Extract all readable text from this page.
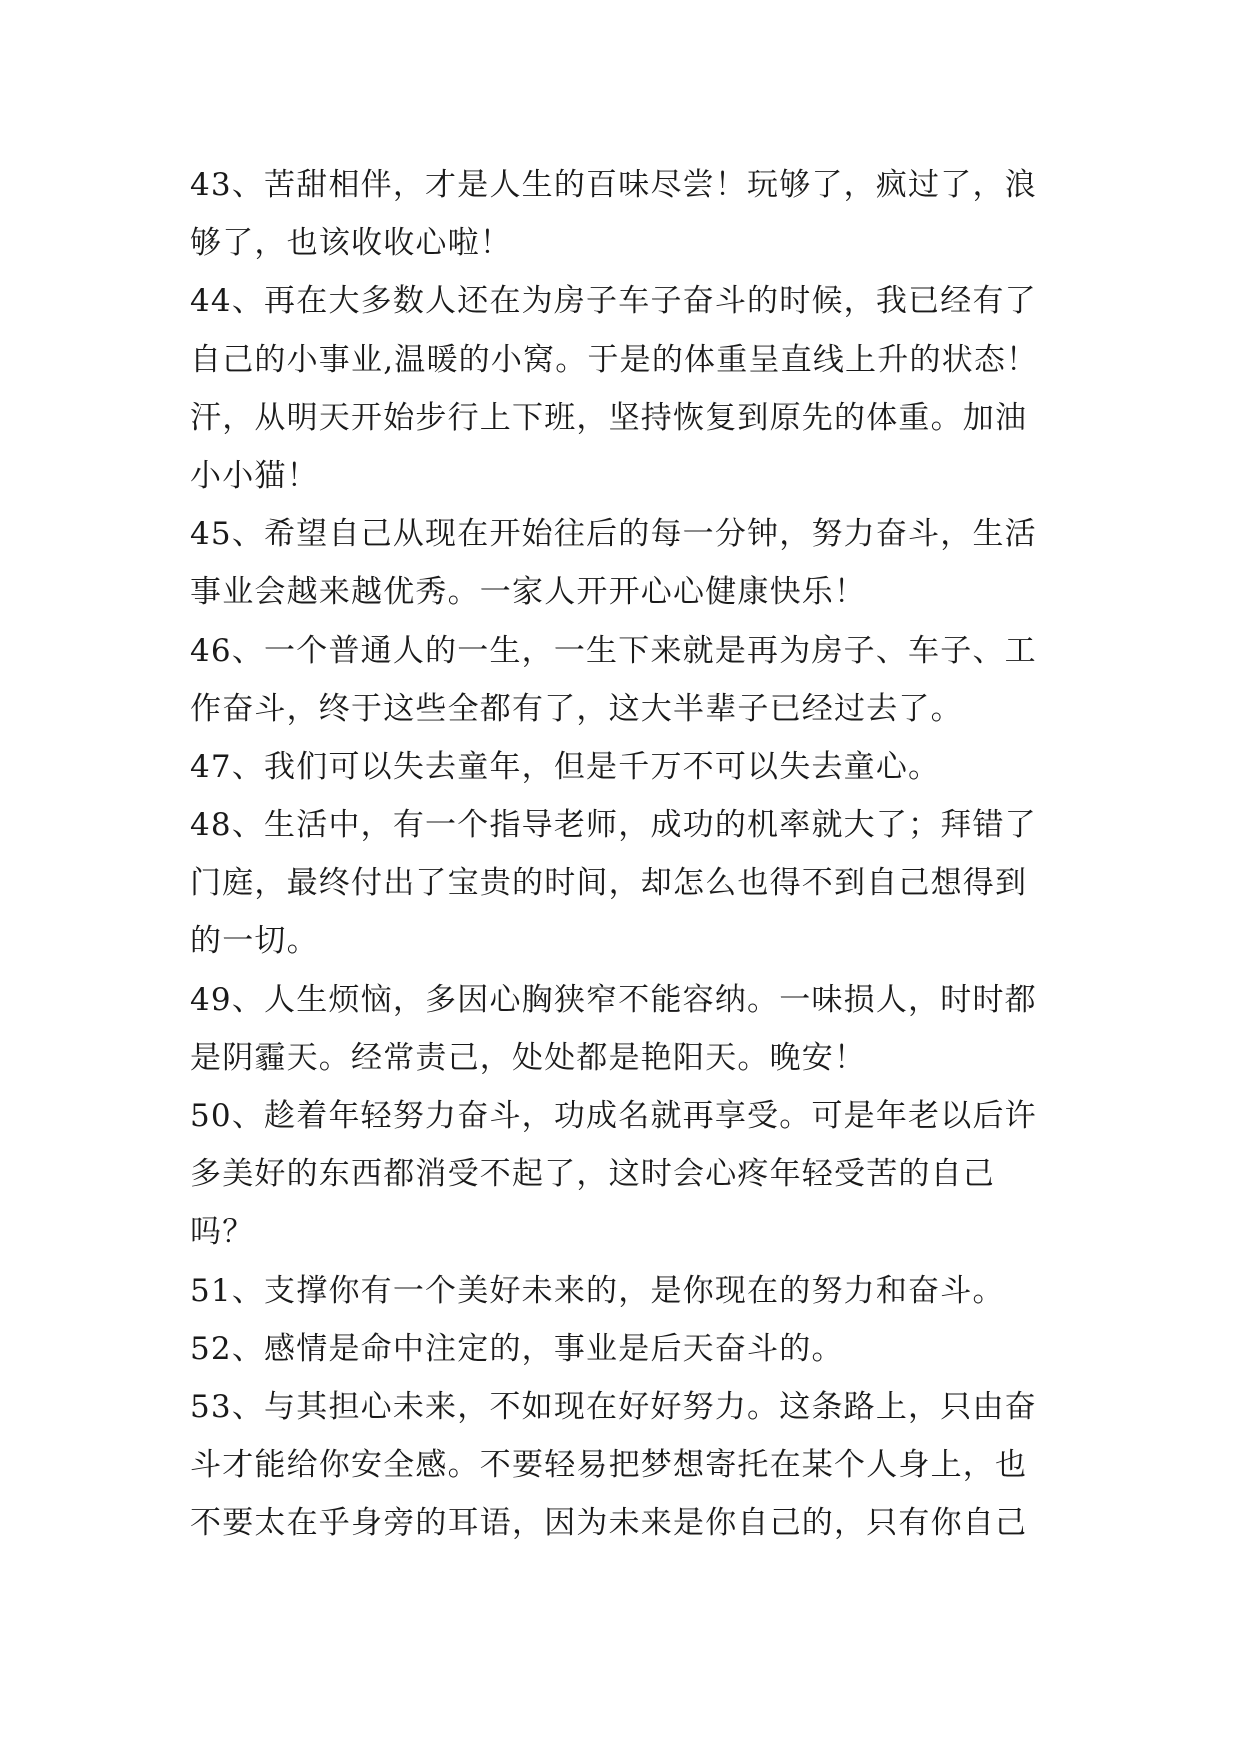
43、苦甜相伴，才是人生的百味尽尝！玩够了，疯过了，浪
够了，也该收收心啦！
44、再在大多数人还在为房子车子奋斗的时候，我已经有了
自己的小事业,温暖的小窝。于是的体重呈直线上升的状态！
汗，从明天开始步行上下班，坚持恢复到原先的体重。加油
小小猫！
45、希望自己从现在开始往后的每一分钟，努力奋斗，生活
事业会越来越优秀。一家人开开心心健康快乐！
46、一个普通人的一生，一生下来就是再为房子、车子、工
作奋斗，终于这些全都有了，这大半辈子已经过去了。
47、我们可以失去童年，但是千万不可以失去童心。
48、生活中，有一个指导老师，成功的机率就大了；拜错了
门庭，最终付出了宝贵的时间，却怎么也得不到自己想得到
的一切。
49、人生烦恼，多因心胸狭窄不能容纳。一味损人，时时都
是阴霾天。经常责己，处处都是艳阳天。晚安！
50、趁着年轻努力奋斗，功成名就再享受。可是年老以后许
多美好的东西都消受不起了，这时会心疼年轻受苦的自己
吗？
51、支撑你有一个美好未来的，是你现在的努力和奋斗。
52、感情是命中注定的，事业是后天奋斗的。
53、与其担心未来，不如现在好好努力。这条路上，只由奋
斗才能给你安全感。不要轻易把梦想寄托在某个人身上，也
不要太在乎身旁的耳语，因为未来是你自己的，只有你自己
